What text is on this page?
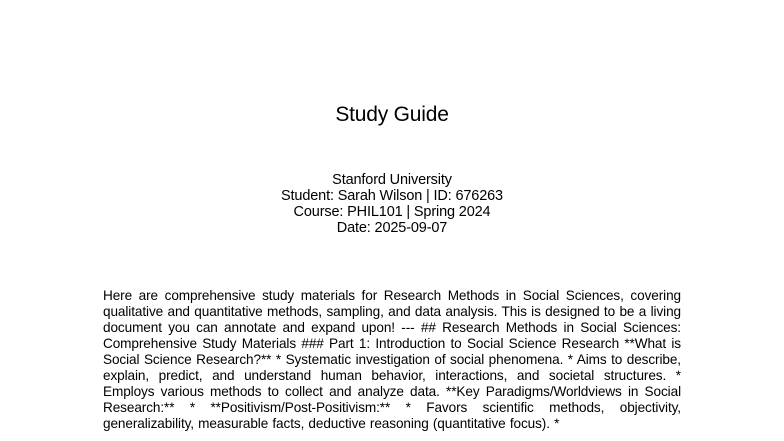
Study Guide
Stanford University
Student: Sarah Wilson | ID: 676263
Course: PHIL101 | Spring 2024
Date: 2025-09-07
Here are comprehensive study materials for Research Methods in Social Sciences, covering qualitative and quantitative methods, sampling, and data analysis. This is designed to be a living document you can annotate and expand upon! --- ## Research Methods in Social Sciences: Comprehensive Study Materials ### Part 1: Introduction to Social Science Research **What is Social Science Research?** * Systematic investigation of social phenomena. * Aims to describe, explain, predict, and understand human behavior, interactions, and societal structures. * Employs various methods to collect and analyze data. **Key Paradigms/Worldviews in Social Research:** * **Positivism/Post-Positivism:** * Favors scientific methods, objectivity, generalizability, measurable facts, deductive reasoning (quantitative focus). *
